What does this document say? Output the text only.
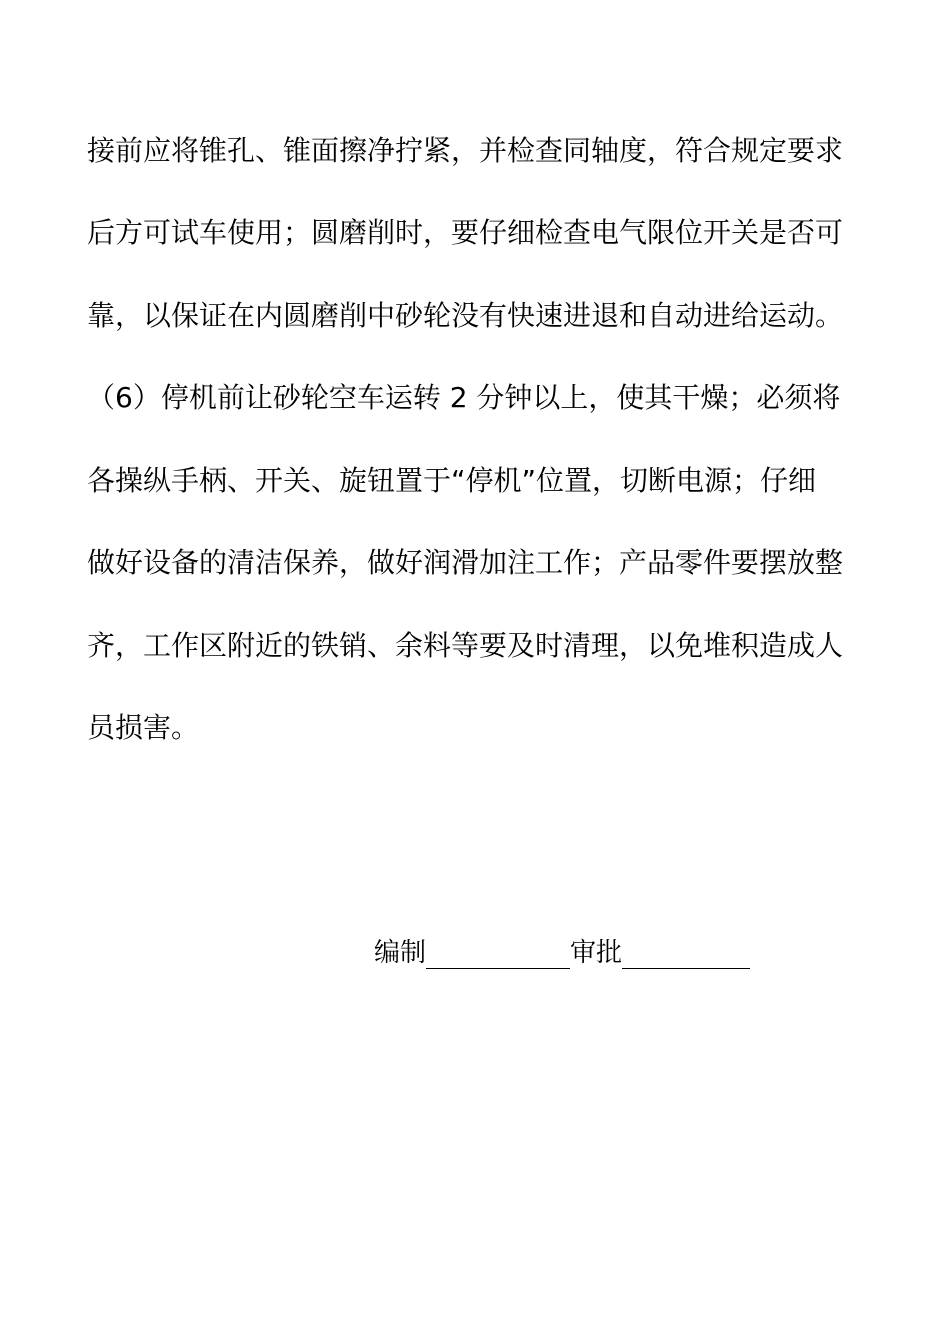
接前应将锥孔、锥面擦净拧紧，并检查同轴度，符合规定要求
后方可试车使用；圆磨削时，要仔细检查电气限位开关是否可
靠，以保证在内圆磨削中砂轮没有快速进退和自动进给运动。
（6）停机前让砂轮空车运转 2 分钟以上，使其干燥；必须将
各操纵手柄、开关、旋钮置于“停机”位置，切断电源；仔细
做好设备的清洁保养，做好润滑加注工作；产品零件要摆放整
齐，工作区附近的铁销、余料等要及时清理，以免堆积造成人
员损害。
编制	审批
